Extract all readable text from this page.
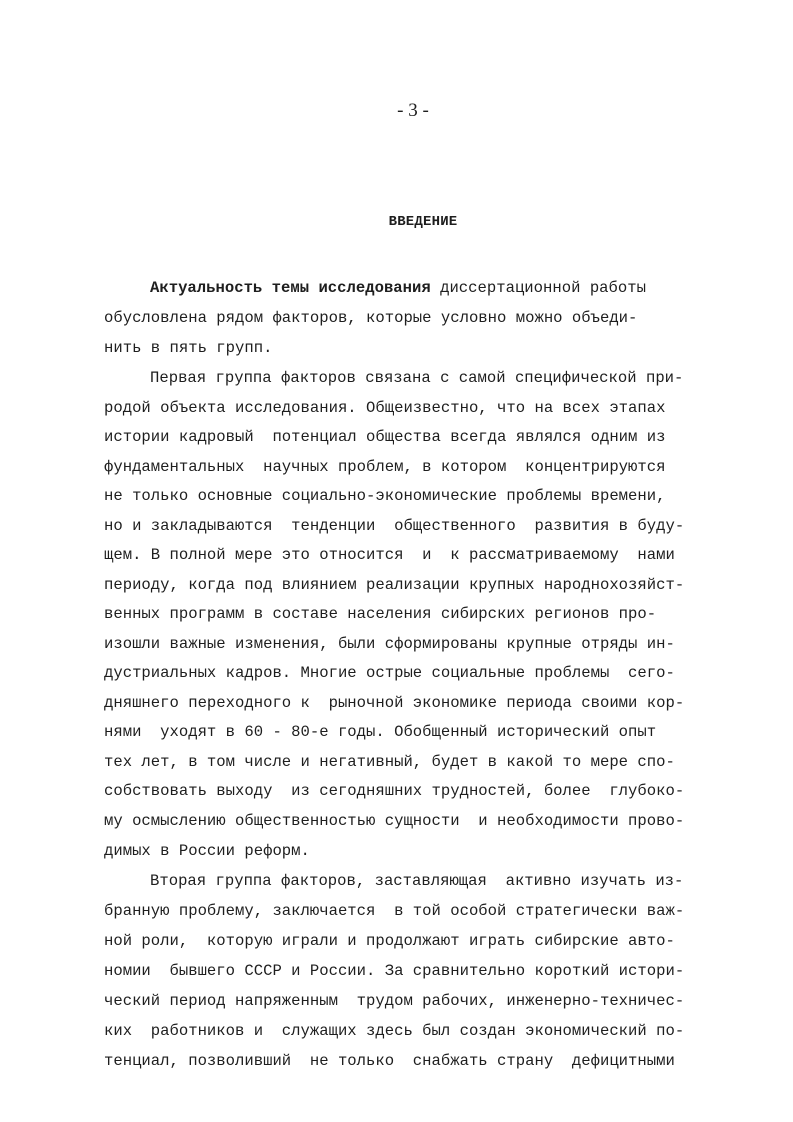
- 3 -
ВВЕДЕНИЕ

Актуальность темы исследования диссертационной работы

обусловлена рядом факторов, которые условно можно объеди-

нить в пять групп.

Первая группа факторов связана с самой специфической при-

родой объекта исследования. Общеизвестно, что на всех этапах

истории кадровый  потенциал общества всегда являлся одним из

фундаментальных  научных проблем, в котором  концентрируются

не только основные социально-экономические проблемы времени,

но и закладываются  тенденции  общественного  развития в буду-

щем. В полной мере это относится  и  к рассматриваемому  нами

периоду, когда под влиянием реализации крупных народнохозяйст-

венных программ в составе населения сибирских регионов про-

изошли важные изменения, были сформированы крупные отряды ин-

дустриальных кадров. Многие острые социальные проблемы  сего-

дняшнего переходного к  рыночной экономике периода своими кор-

нями  уходят в 60 - 80-е годы. Обобщенный исторический опыт

тех лет, в том числе и негативный, будет в какой то мере спо-

собствовать выходу  из сегодняшних трудностей, более  глубоко-

му осмыслению общественностью сущности  и необходимости прово-

димых в России реформ.

Вторая группа факторов, заставляющая  активно изучать из-

бранную проблему, заключается  в той особой стратегически важ-

ной роли,  которую играли и продолжают играть сибирские авто-

номии  бывшего СССР и России. За сравнительно короткий истори-

ческий период напряженным  трудом рабочих, инженерно-техничес-

ких  работников и  служащих здесь был создан экономический по-

тенциал, позволивший  не только  снабжать страну  дефицитными
